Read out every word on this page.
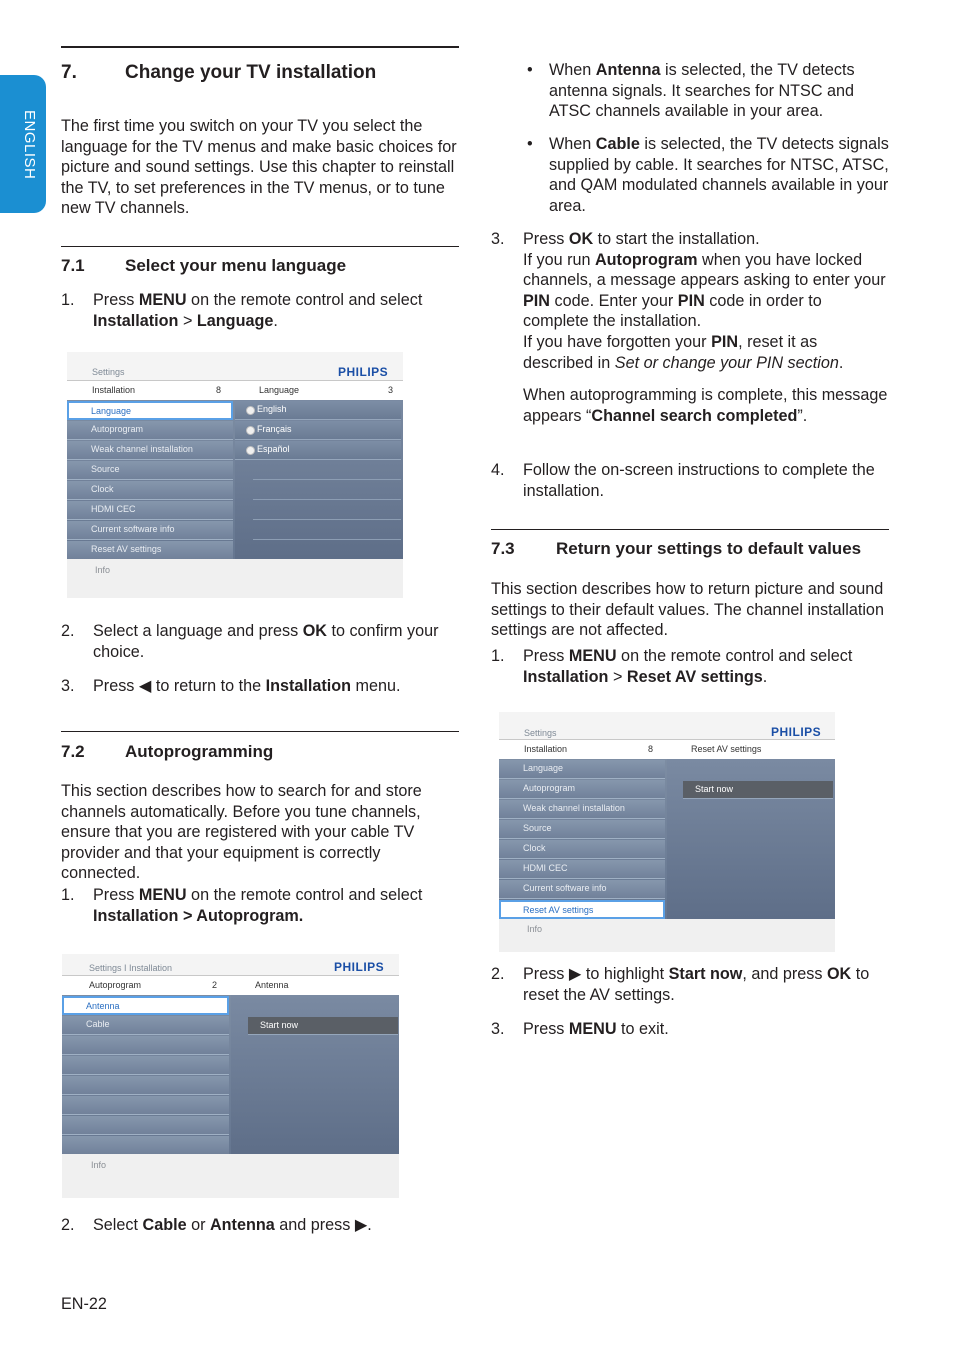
ENGLISH
7.	Change your TV installation

The first time you switch on your TV you select the language for the TV menus and make basic choices for picture and sound settings. Use this chapter to reinstall the TV, to set preferences in the TV menus, or to tune new TV channels.

7.1 Select your menu language
1. Press MENU on the remote control and select Installation > Language.
Settings	PHILIPS
Installation	8	Language	3
Language
Autoprogram
Weak channel installation
Source
Clock
HDMI CEC
Current software info
Reset AV settings
English
Français
Español
Info
2. Select a language and press OK to confirm your choice.
3. Press ◀ to return to the Installation menu.
7.2 Autoprogramming

This section describes how to search for and store channels automatically. Before you tune channels, ensure that you are registered with your cable TV provider and that your equipment is correctly connected.

1. Press MENU on the remote control and select Installation > Autoprogram.
Settings I Installation	PHILIPS
Autoprogram	2	Antenna
Antenna
Cable	Start now
Info
2. Select Cable or Antenna and press ▶.
EN-22
• When Antenna is selected, the TV detects antenna signals. It searches for NTSC and ATSC channels available in your area.
• When Cable is selected, the TV detects signals supplied by cable. It searches for NTSC, ATSC, and QAM modulated channels available in your area.
3. Press OK to start the installation.
If you run Autoprogram when you have locked channels, a message appears asking to enter your PIN code. Enter your PIN code in order to complete the installation.
If you have forgotten your PIN, reset it as described in Set or change your PIN section.
When autoprogramming is complete, this message appears “Channel search completed”.
4. Follow the on-screen instructions to complete the installation.
7.3 Return your settings to default values

This section describes how to return picture and sound settings to their default values. The channel installation settings are not affected.

1. Press MENU on the remote control and select Installation > Reset AV settings.
Settings	PHILIPS
Installation	8	Reset AV settings
Language
Autoprogram
Weak channel installation
Source
Clock
HDMI CEC
Current software info
Reset AV settings
Start now
Info
2. Press ▶ to highlight Start now, and press OK to reset the AV settings.
3. Press MENU to exit.
